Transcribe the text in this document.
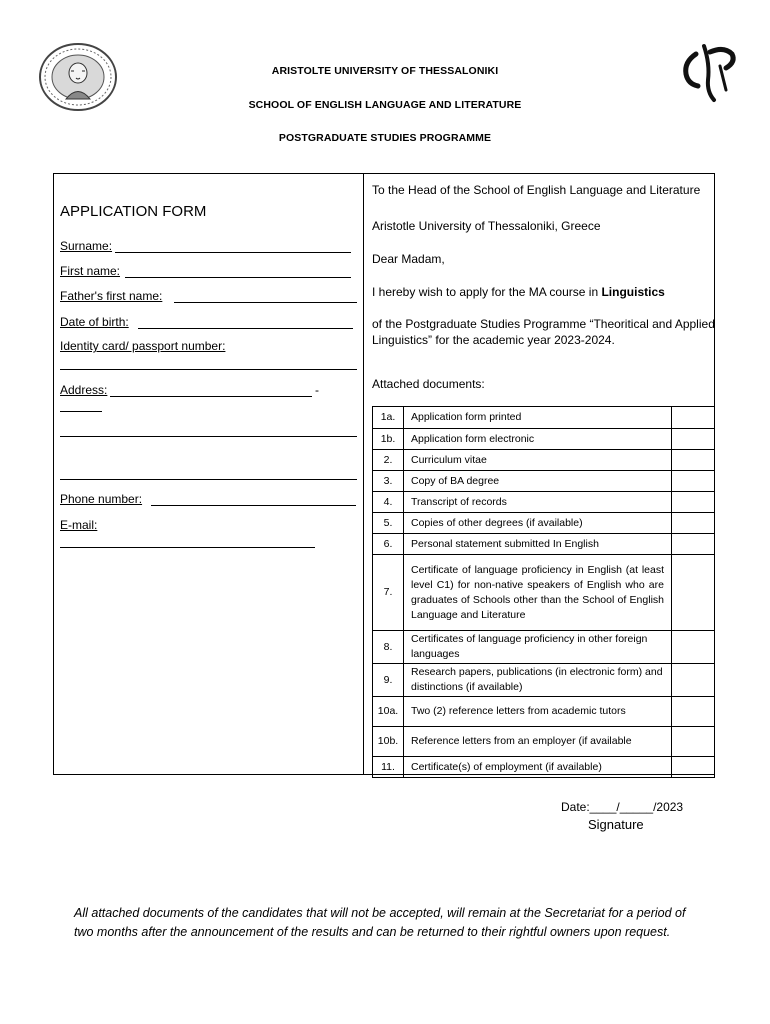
ARISTOLTE UNIVERSITY OF THESSALONIKI
SCHOOL OF ENGLISH LANGUAGE AND LITERATURE
POSTGRADUATE STUDIES PROGRAMME
APPLICATION FORM
Surname:
First name:
Father's first name:
Date of birth:
Identity card/ passport number:
Address:	-
Phone number:
E-mail:
To the Head of the School of English Language and Literature
Aristotle University of Thessaloniki, Greece
Dear Madam,
I hereby wish to apply for the MA course in Linguistics
of the Postgraduate Studies Programme “Theoritical and Applied Linguistics” for the academic year 2023-2024.
Attached documents:
1a.	Application form printed	
1b.	Application form electronic	
2.	Curriculum vitae	
3.	Copy of BA degree	
4.	Transcript of records	
5.	Copies of other degrees (if available)	
6.	Personal statement submitted In English	
7.	Certificate of language proficiency in English (at least level C1) for non-native speakers of English who are graduates of Schools other than the School of English Language and Literature	
8.	Certificates of language proficiency in other foreign languages	
9.	Research papers, publications (in electronic form) and distinctions (if available)	
10a.	Two (2) reference letters from academic tutors	
10b.	Reference letters from an employer (if available	
11.	Certificate(s) of employment (if available)	
Date:____/_____/2023
Signature
All attached documents of the candidates that will not be accepted, will remain at the Secretariat for a period of two months after the announcement of the results and can be returned to their rightful owners upon request.
